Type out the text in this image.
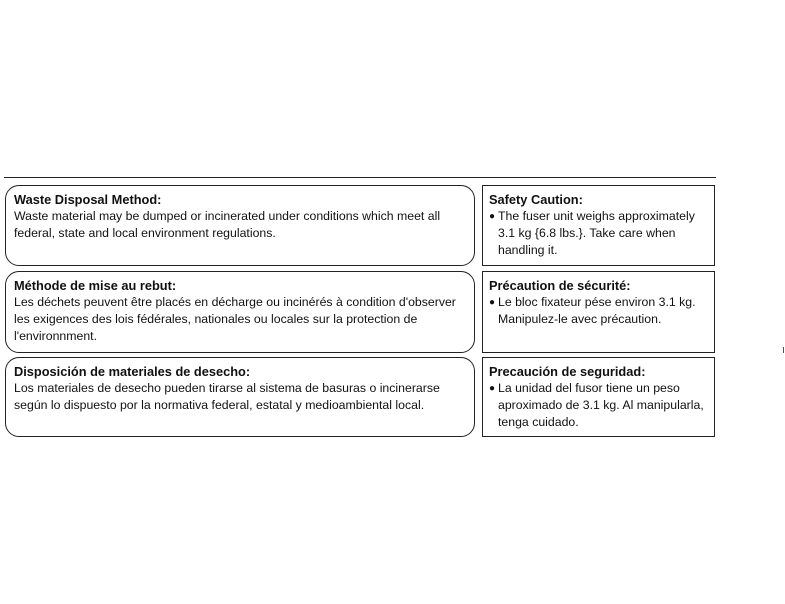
Waste Disposal Method:

Waste material may be dumped or incinerated under conditions which meet all federal, state and local environment regulations.

Méthode de mise au rebut:

Les déchets peuvent être placés en décharge ou incinérés à condition d'observer les exigences des lois fédérales, nationales ou locales sur la protection de l'environnment.

Disposición de materiales de desecho:

Los materiales de desecho pueden tirarse al sistema de basuras o incinerarse según lo dispuesto por la normativa federal, estatal y medioambiental local.

Safety Caution:
● The fuser unit weighs approximately 3.1 kg {6.8 lbs.}. Take care when handling it.
Précaution de sécurité:
● Le bloc fixateur pése environ 3.1 kg. Manipulez-le avec précaution.
Precaución de seguridad:
● La unidad del fusor tiene un peso aproximado de 3.1 kg. Al manipularla, tenga cuidado.
